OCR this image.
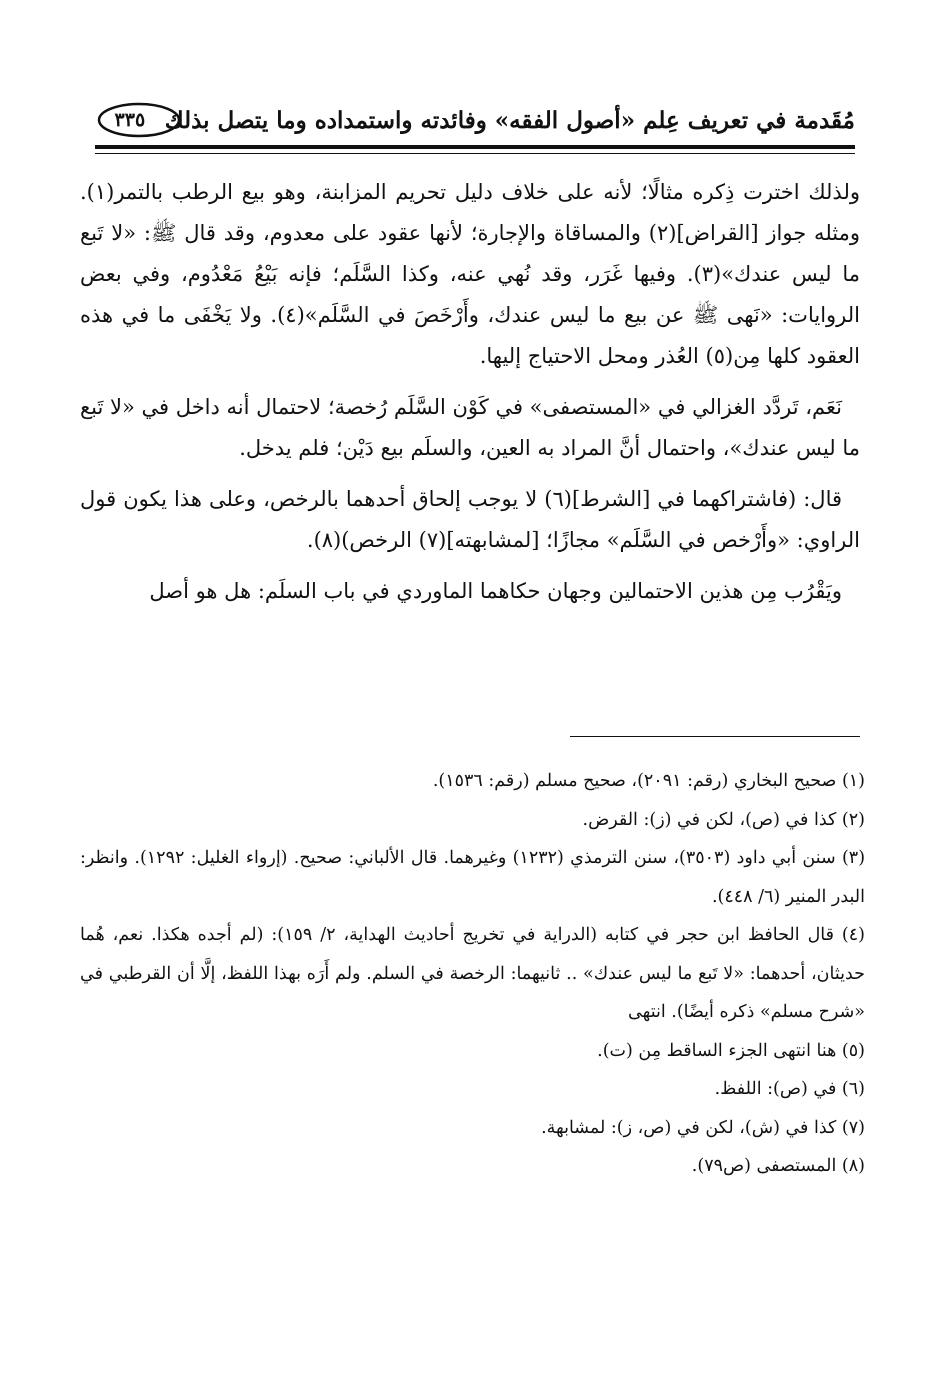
مُقَدمة في تعريف عِلم «أصول الفقه» وفائدته واستمداده وما يتصل بذلك
٣٣٥

ولذلك اخترت ذِكره مثالًا؛ لأنه على خلاف دليل تحريم المزابنة، وهو بيع الرطب بالتمر(١). ومثله جواز [القراض](٢) والمساقاة والإجارة؛ لأنها عقود على معدوم، وقد قال ﷺ: «لا تَبع ما ليس عندك»(٣). وفيها غَرَر، وقد نُهي عنه، وكذا السَّلَم؛ فإنه بَيْعُ مَعْدُوم، وفي بعض الروايات: «نَهى ﷺ عن بيع ما ليس عندك، وأَرْخَصَ في السَّلَم»(٤). ولا يَخْفَى ما في هذه العقود كلها مِن(٥) العُذر ومحل الاحتياج إليها.

نَعَم، تَردَّد الغزالي في «المستصفى» في كَوْن السَّلَم رُخصة؛ لاحتمال أنه داخل في «لا تَبع ما ليس عندك»، واحتمال أنَّ المراد به العين، والسلَم بيع دَيْن؛ فلم يدخل.

قال: (فاشتراكهما في [الشرط](٦) لا يوجب إلحاق أحدهما بالرخص، وعلى هذا يكون قول الراوي: «وأَرْخص في السَّلَم» مجازًا؛ [لمشابهته](٧) الرخص)(٨).

ويَقْرُب مِن هذين الاحتمالين وجهان حكاهما الماوردي في باب السلَم: هل هو أصل

(١) صحيح البخاري (رقم: ٢٠٩١)، صحيح مسلم (رقم: ١٥٣٦).
(٢) كذا في (ص)، لكن في (ز): القرض.
(٣) سنن أبي داود (٣٥٠٣)، سنن الترمذي (١٢٣٢) وغيرهما. قال الألباني: صحيح. (إرواء الغليل: ١٢٩٢). وانظر: البدر المنير (٦/ ٤٤٨).
(٤) قال الحافظ ابن حجر في كتابه (الدراية في تخريج أحاديث الهداية، ٢/ ١٥٩): (لم أجده هكذا. نعم، هُما حديثان، أحدهما: «لا تَبع ما ليس عندك» .. ثانيهما: الرخصة في السلم. ولم أَرَه بهذا اللفظ، إلَّا أن القرطبي في «شرح مسلم» ذكره أيضًا). انتهى
(٥) هنا انتهى الجزء الساقط مِن (ت).
(٦) في (ص): اللفظ.
(٧) كذا في (ش)، لكن في (ص، ز): لمشابهة.
(٨) المستصفى (ص٧٩).
